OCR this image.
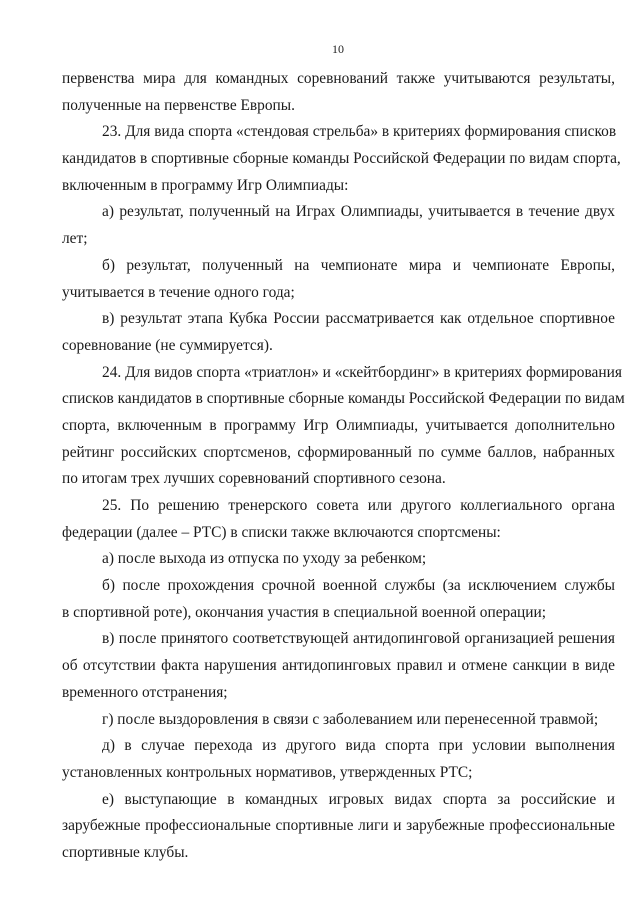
10
первенства мира для командных соревнований также учитываются результаты,
полученные на первенстве Европы.
23. Для вида спорта «стендовая стрельба» в критериях формирования списков
кандидатов в спортивные сборные команды Российской Федерации по видам спорта,
включенным в программу Игр Олимпиады:
а) результат, полученный на Играх Олимпиады, учитывается в течение двух
лет;
б) результат, полученный на чемпионате мира и чемпионате Европы,
учитывается в течение одного года;
в) результат этапа Кубка России рассматривается как отдельное спортивное
соревнование (не суммируется).
24. Для видов спорта «триатлон» и «скейтбординг» в критериях формирования
списков кандидатов в спортивные сборные команды Российской Федерации по видам
спорта, включенным в программу Игр Олимпиады, учитывается дополнительно
рейтинг российских спортсменов, сформированный по сумме баллов, набранных
по итогам трех лучших соревнований спортивного сезона.
25. По решению тренерского совета или другого коллегиального органа
федерации (далее – РТС) в списки также включаются спортсмены:
а) после выхода из отпуска по уходу за ребенком;
б) после прохождения срочной военной службы (за исключением службы
в спортивной роте), окончания участия в специальной военной операции;
в) после принятого соответствующей антидопинговой организацией решения
об отсутствии факта нарушения антидопинговых правил и отмене санкции в виде
временного отстранения;
г) после выздоровления в связи с заболеванием или перенесенной травмой;
д) в случае перехода из другого вида спорта при условии выполнения
установленных контрольных нормативов, утвержденных РТС;
е) выступающие в командных игровых видах спорта за российские и
зарубежные профессиональные спортивные лиги и зарубежные профессиональные
спортивные клубы.
